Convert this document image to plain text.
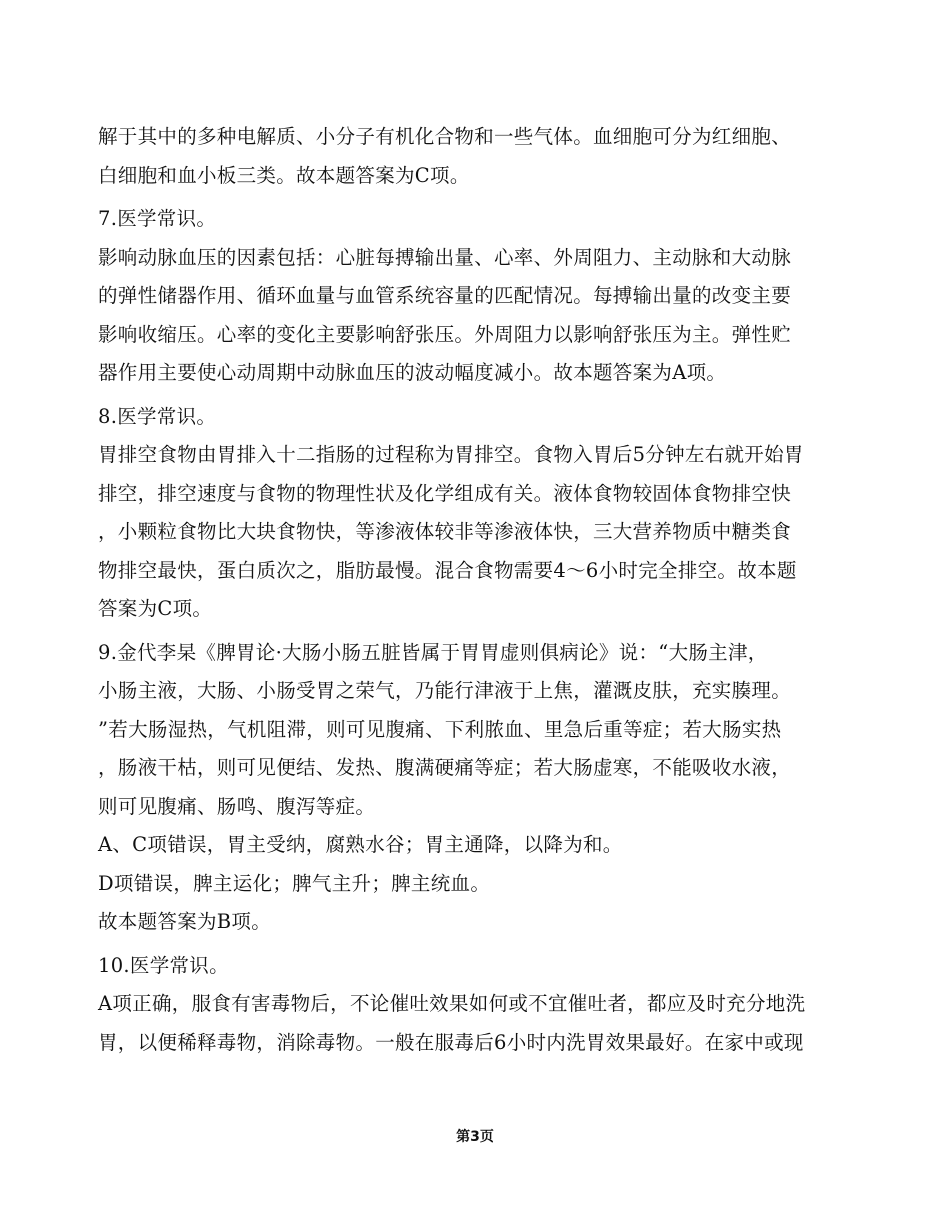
解于其中的多种电解质、小分子有机化合物和一些气体。血细胞可分为红细胞、
白细胞和血小板三类。故本题答案为C项。
7.医学常识。
影响动脉血压的因素包括：心脏每搏输出量、心率、外周阻力、主动脉和大动脉
的弹性储器作用、循环血量与血管系统容量的匹配情况。每搏输出量的改变主要
影响收缩压。心率的变化主要影响舒张压。外周阻力以影响舒张压为主。弹性贮
器作用主要使心动周期中动脉血压的波动幅度减小。故本题答案为A项。
8.医学常识。
胃排空食物由胃排入十二指肠的过程称为胃排空。食物入胃后5分钟左右就开始胃
排空，排空速度与食物的物理性状及化学组成有关。液体食物较固体食物排空快
，小颗粒食物比大块食物快，等渗液体较非等渗液体快，三大营养物质中糖类食
物排空最快，蛋白质次之，脂肪最慢。混合食物需要4～6小时完全排空。故本题
答案为C项。
9.金代李杲《脾胃论·大肠小肠五脏皆属于胃胃虚则俱病论》说：“大肠主津，
小肠主液，大肠、小肠受胃之荣气，乃能行津液于上焦，灌溉皮肤，充实腠理。
”若大肠湿热，气机阻滞，则可见腹痛、下利脓血、里急后重等症；若大肠实热
，肠液干枯，则可见便结、发热、腹满硬痛等症；若大肠虚寒，不能吸收水液，
则可见腹痛、肠鸣、腹泻等症。
A、C项错误，胃主受纳，腐熟水谷；胃主通降，以降为和。
D项错误，脾主运化；脾气主升；脾主统血。
故本题答案为B项。
10.医学常识。
A项正确，服食有害毒物后，不论催吐效果如何或不宜催吐者，都应及时充分地洗
胃，以便稀释毒物，消除毒物。一般在服毒后6小时内洗胃效果最好。在家中或现
第3页
